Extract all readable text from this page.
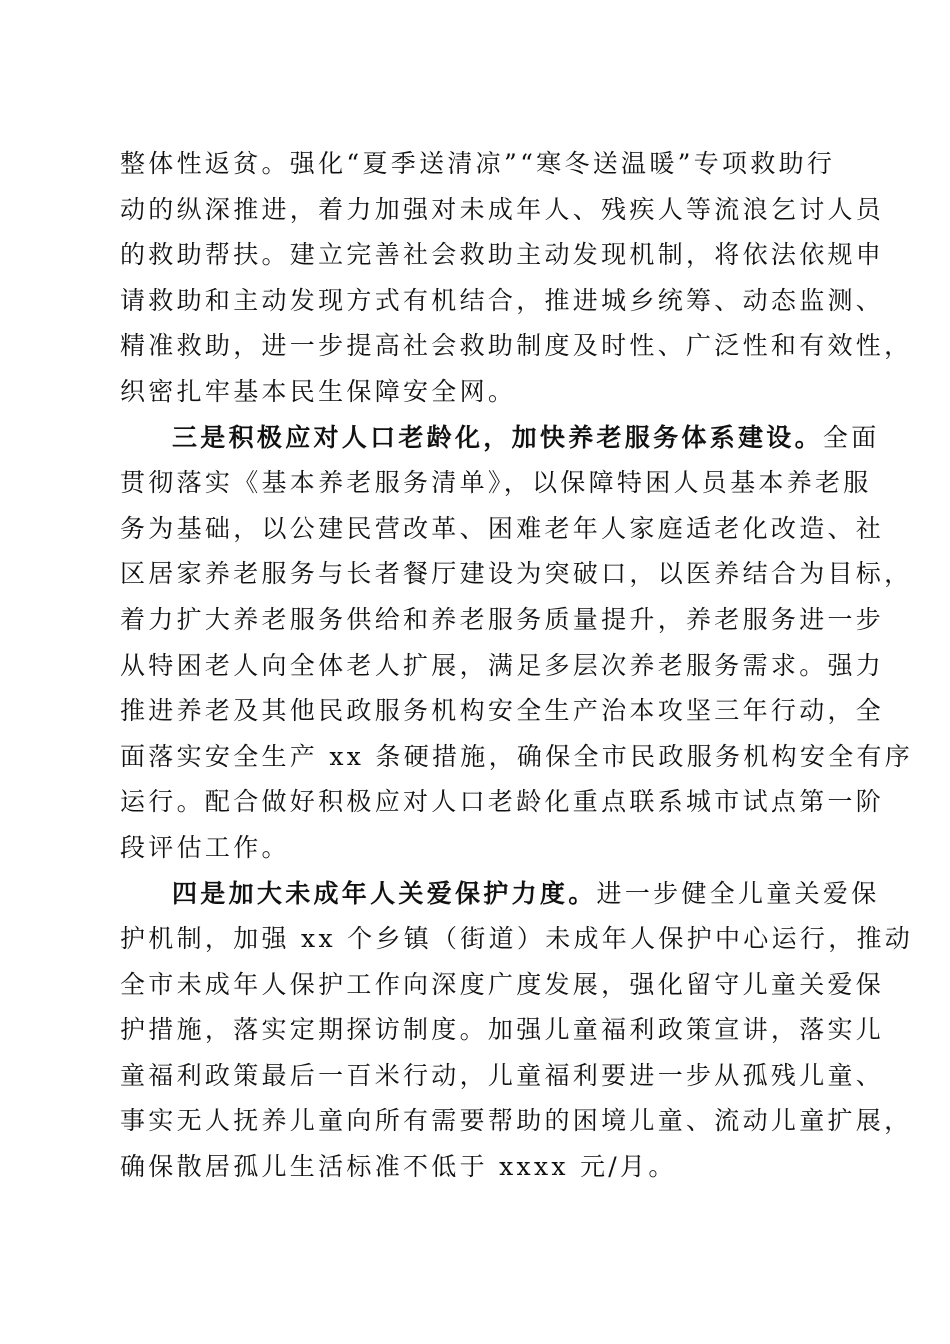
整体性返贫。强化“夏季送清凉”“寒冬送温暖”专项救助行
动的纵深推进，着力加强对未成年人、残疾人等流浪乞讨人员
的救助帮扶。建立完善社会救助主动发现机制，将依法依规申
请救助和主动发现方式有机结合，推进城乡统筹、动态监测、
精准救助，进一步提高社会救助制度及时性、广泛性和有效性，
织密扎牢基本民生保障安全网。
三是积极应对人口老龄化，加快养老服务体系建设。全面
贯彻落实《基本养老服务清单》，以保障特困人员基本养老服
务为基础，以公建民营改革、困难老年人家庭适老化改造、社
区居家养老服务与长者餐厅建设为突破口，以医养结合为目标，
着力扩大养老服务供给和养老服务质量提升，养老服务进一步
从特困老人向全体老人扩展，满足多层次养老服务需求。强力
推进养老及其他民政服务机构安全生产治本攻坚三年行动，全
面落实安全生产 xx 条硬措施，确保全市民政服务机构安全有序
运行。配合做好积极应对人口老龄化重点联系城市试点第一阶
段评估工作。
四是加大未成年人关爱保护力度。进一步健全儿童关爱保
护机制，加强 xx 个乡镇（街道）未成年人保护中心运行，推动
全市未成年人保护工作向深度广度发展，强化留守儿童关爱保
护措施，落实定期探访制度。加强儿童福利政策宣讲，落实儿
童福利政策最后一百米行动，儿童福利要进一步从孤残儿童、
事实无人抚养儿童向所有需要帮助的困境儿童、流动儿童扩展，
确保散居孤儿生活标准不低于 xxxx 元/月。
